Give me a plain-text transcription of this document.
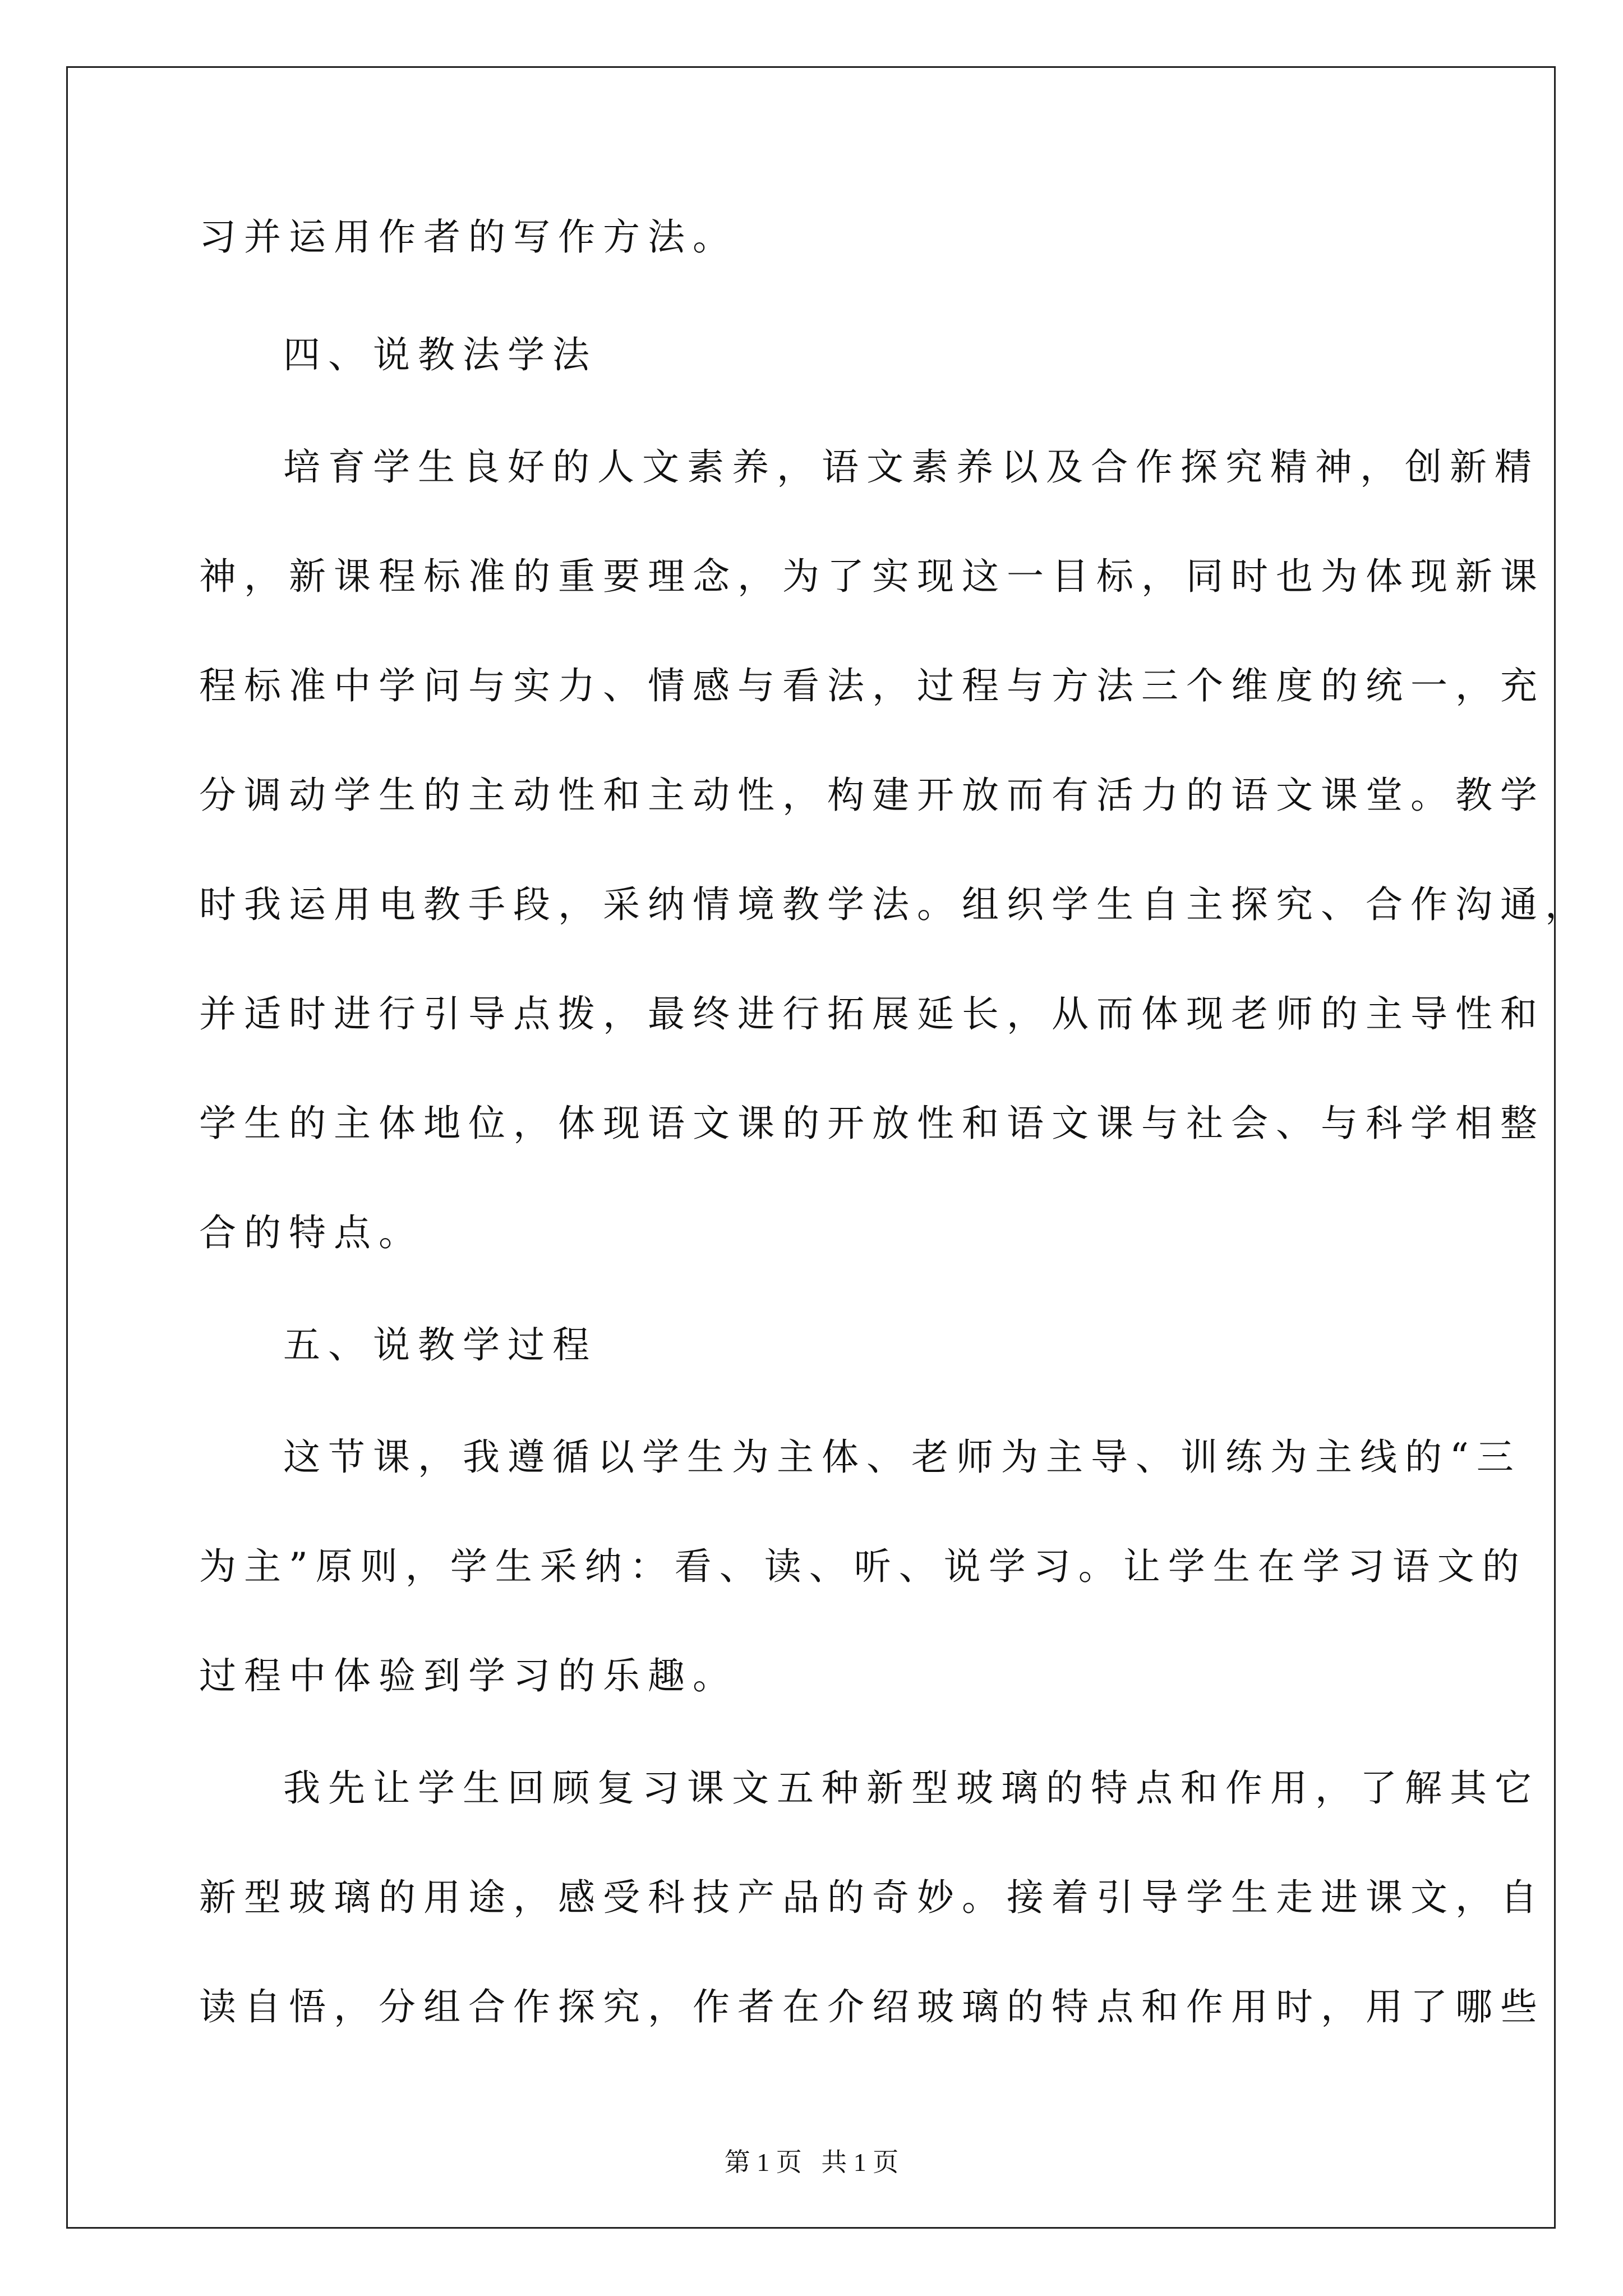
习并运用作者的写作方法。
四、说教法学法
培育学生良好的人文素养，语文素养以及合作探究精神，创新精
神，新课程标准的重要理念，为了实现这一目标，同时也为体现新课
程标准中学问与实力、情感与看法，过程与方法三个维度的统一，充
分调动学生的主动性和主动性，构建开放而有活力的语文课堂。教学
时我运用电教手段，采纳情境教学法。组织学生自主探究、合作沟通，
并适时进行引导点拨，最终进行拓展延长，从而体现老师的主导性和
学生的主体地位，体现语文课的开放性和语文课与社会、与科学相整
合的特点。
五、说教学过程
这节课，我遵循以学生为主体、老师为主导、训练为主线的“三
为主”原则，学生采纳：看、读、听、说学习。让学生在学习语文的
过程中体验到学习的乐趣。
我先让学生回顾复习课文五种新型玻璃的特点和作用，了解其它
新型玻璃的用途，感受科技产品的奇妙。接着引导学生走进课文，自
读自悟，分组合作探究，作者在介绍玻璃的特点和作用时，用了哪些
第 1 页   共 1 页
